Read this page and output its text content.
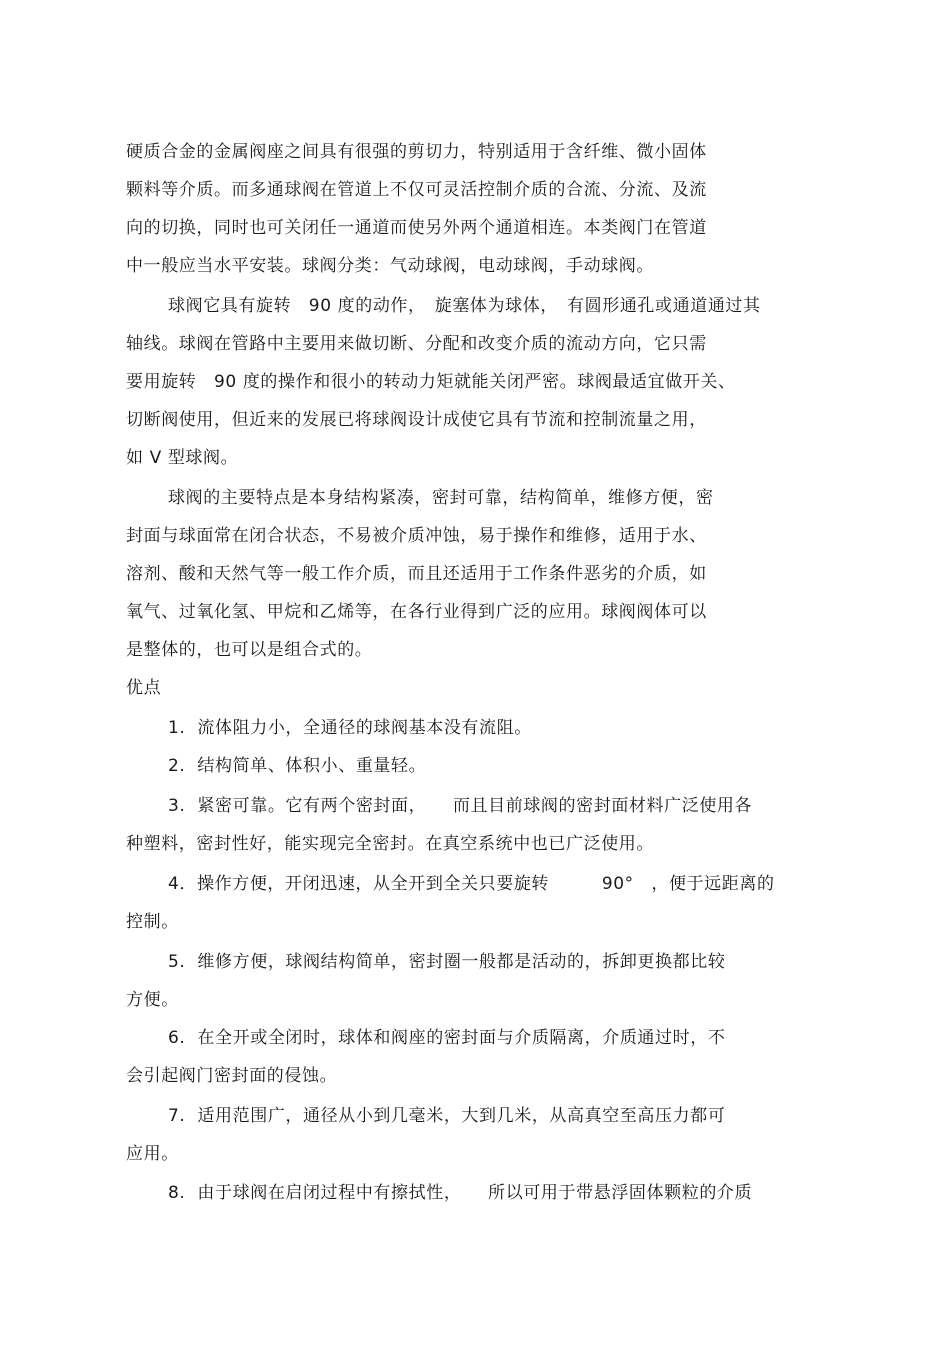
硬质合金的金属阀座之间具有很强的剪切力，特别适用于含纤维、微小固体
颗料等介质。而多通球阀在管道上不仅可灵活控制介质的合流、分流、及流
向的切换，同时也可关闭任一通道而使另外两个通道相连。本类阀门在管道
中一般应当水平安装。球阀分类：气动球阀，电动球阀，手动球阀。
球阀它具有旋转　90 度的动作，　旋塞体为球体，　有圆形通孔或通道通过其
轴线。球阀在管路中主要用来做切断、分配和改变介质的流动方向，它只需
要用旋转　90 度的操作和很小的转动力矩就能关闭严密。球阀最适宜做开关、
切断阀使用，但近来的发展已将球阀设计成使它具有节流和控制流量之用，
如 V 型球阀。
球阀的主要特点是本身结构紧凑，密封可靠，结构简单，维修方便，密
封面与球面常在闭合状态，不易被介质冲蚀，易于操作和维修，适用于水、
溶剂、酸和天然气等一般工作介质，而且还适用于工作条件恶劣的介质，如
氧气、过氧化氢、甲烷和乙烯等，在各行业得到广泛的应用。球阀阀体可以
是整体的，也可以是组合式的。
优点
1.  流体阻力小，全通径的球阀基本没有流阻。
2.  结构简单、体积小、重量轻。
3.  紧密可靠。它有两个密封面，　　而且目前球阀的密封面材料广泛使用各
种塑料，密封性好，能实现完全密封。在真空系统中也已广泛使用。
4．操作方便，开闭迅速，从全开到全关只要旋转　　　90°　，便于远距离的
控制。
5.  维修方便，球阀结构简单，密封圈一般都是活动的，拆卸更换都比较
方便。
6.  在全开或全闭时，球体和阀座的密封面与介质隔离，介质通过时，不
会引起阀门密封面的侵蚀。
7.  适用范围广，通径从小到几毫米，大到几米，从高真空至高压力都可
应用。
8.  由于球阀在启闭过程中有擦拭性，　　所以可用于带悬浮固体颗粒的介质
